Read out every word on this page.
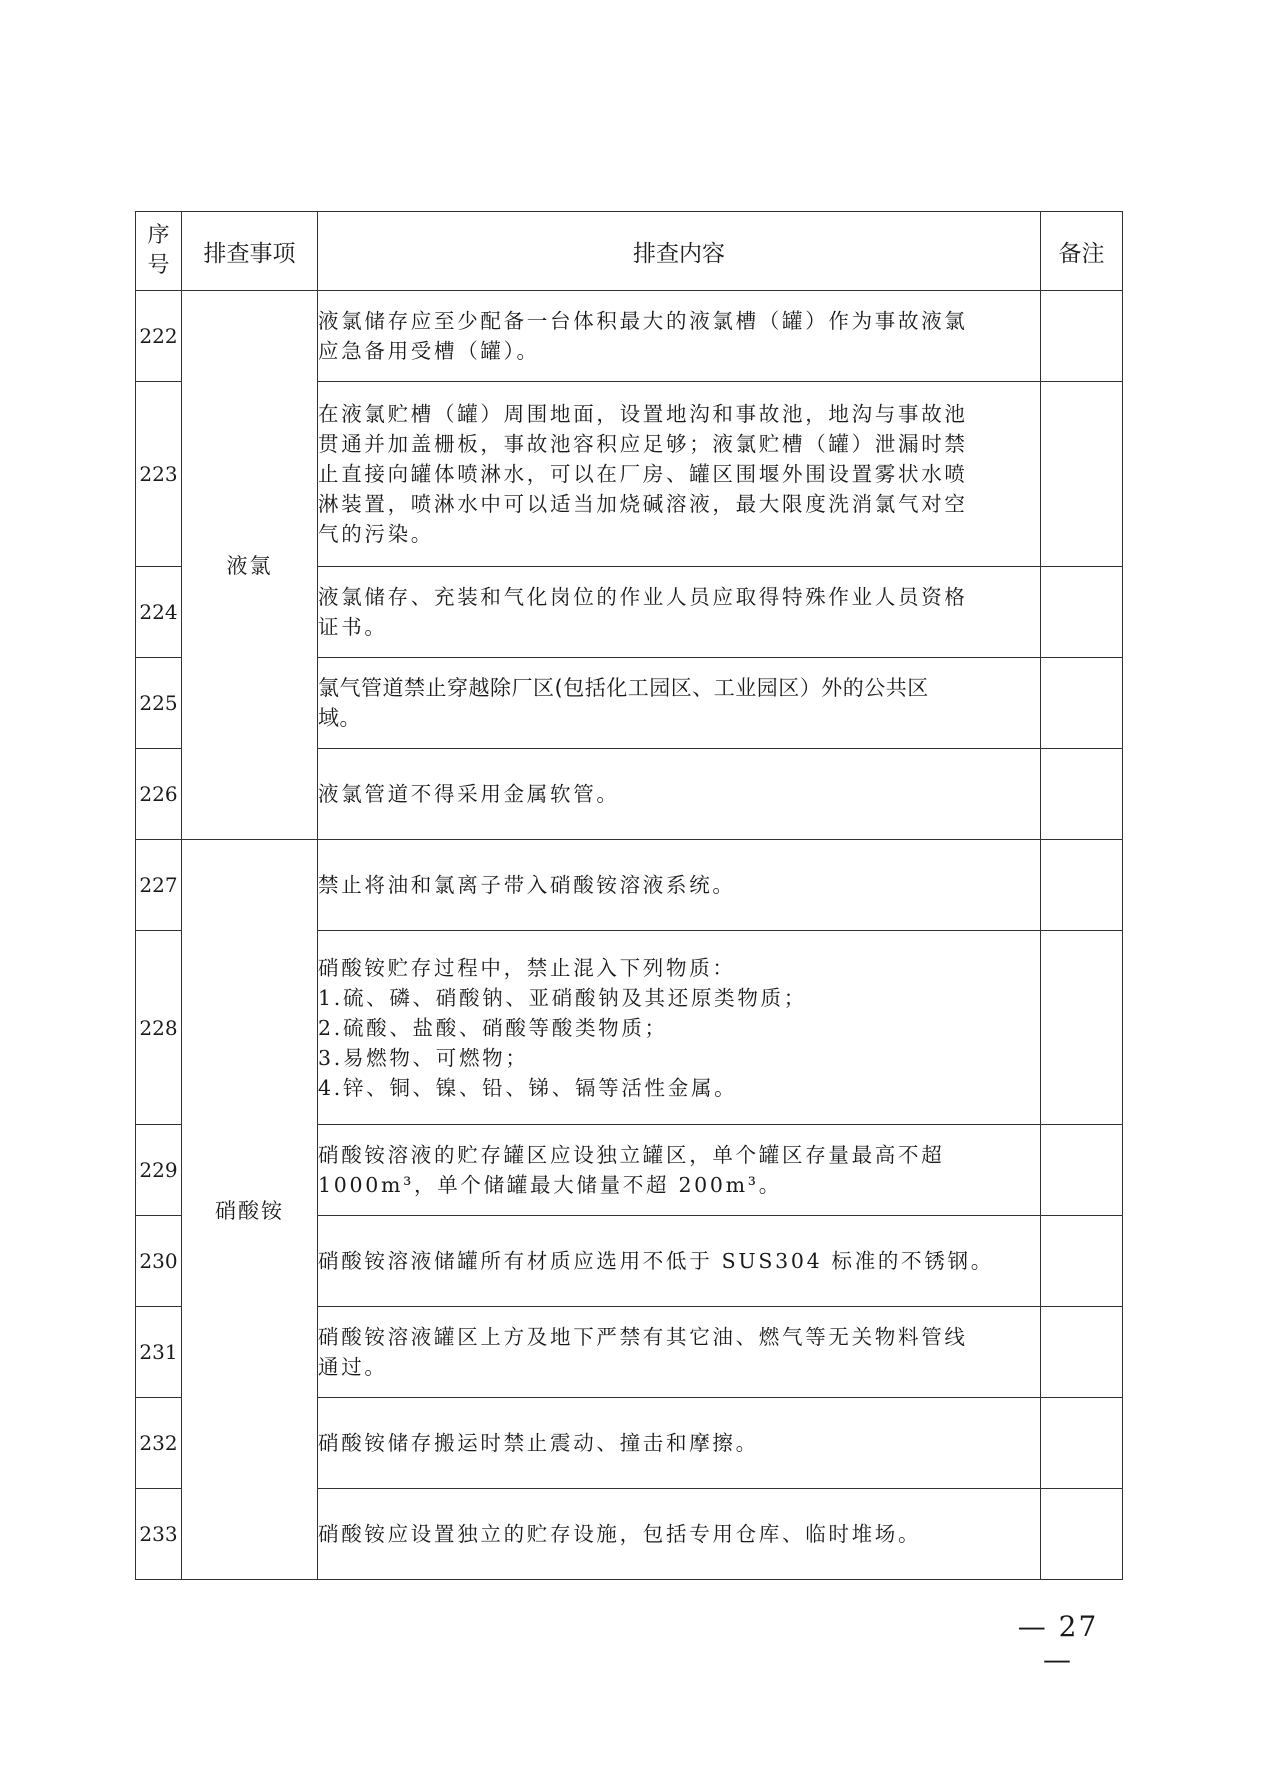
序
号	排查事项	排查内容	备注
222	液氯	液氯储存应至少配备一台体积最大的液氯槽（罐）作为事故液氯
应急备用受槽（罐）。	

223		在液氯贮槽（罐）周围地面，设置地沟和事故池，地沟与事故池
贯通并加盖栅板，事故池容积应足够；液氯贮槽（罐）泄漏时禁
止直接向罐体喷淋水，可以在厂房、罐区围堰外围设置雾状水喷
淋装置，喷淋水中可以适当加烧碱溶液，最大限度洗消氯气对空
气的污染。	

224		液氯储存、充装和气化岗位的作业人员应取得特殊作业人员资格
证书。	

225		氯气管道禁止穿越除厂区(包括化工园区、工业园区）外的公共区
域。	

226		液氯管道不得采用金属软管。	

227	硝酸铵	禁止将油和氯离子带入硝酸铵溶液系统。	

228		硝酸铵贮存过程中，禁止混入下列物质：
1.硫、磷、硝酸钠、亚硝酸钠及其还原类物质；
2.硫酸、盐酸、硝酸等酸类物质；
3.易燃物、可燃物；
4.锌、铜、镍、铅、锑、镉等活性金属。	

229		硝酸铵溶液的贮存罐区应设独立罐区，单个罐区存量最高不超
1000m³，单个储罐最大储量不超 200m³。	

230		硝酸铵溶液储罐所有材质应选用不低于 SUS304 标准的不锈钢。	

231		硝酸铵溶液罐区上方及地下严禁有其它油、燃气等无关物料管线
通过。	

232		硝酸铵储存搬运时禁止震动、撞击和摩擦。	

233		硝酸铵应设置独立的贮存设施，包括专用仓库、临时堆场。	

— 27 —
